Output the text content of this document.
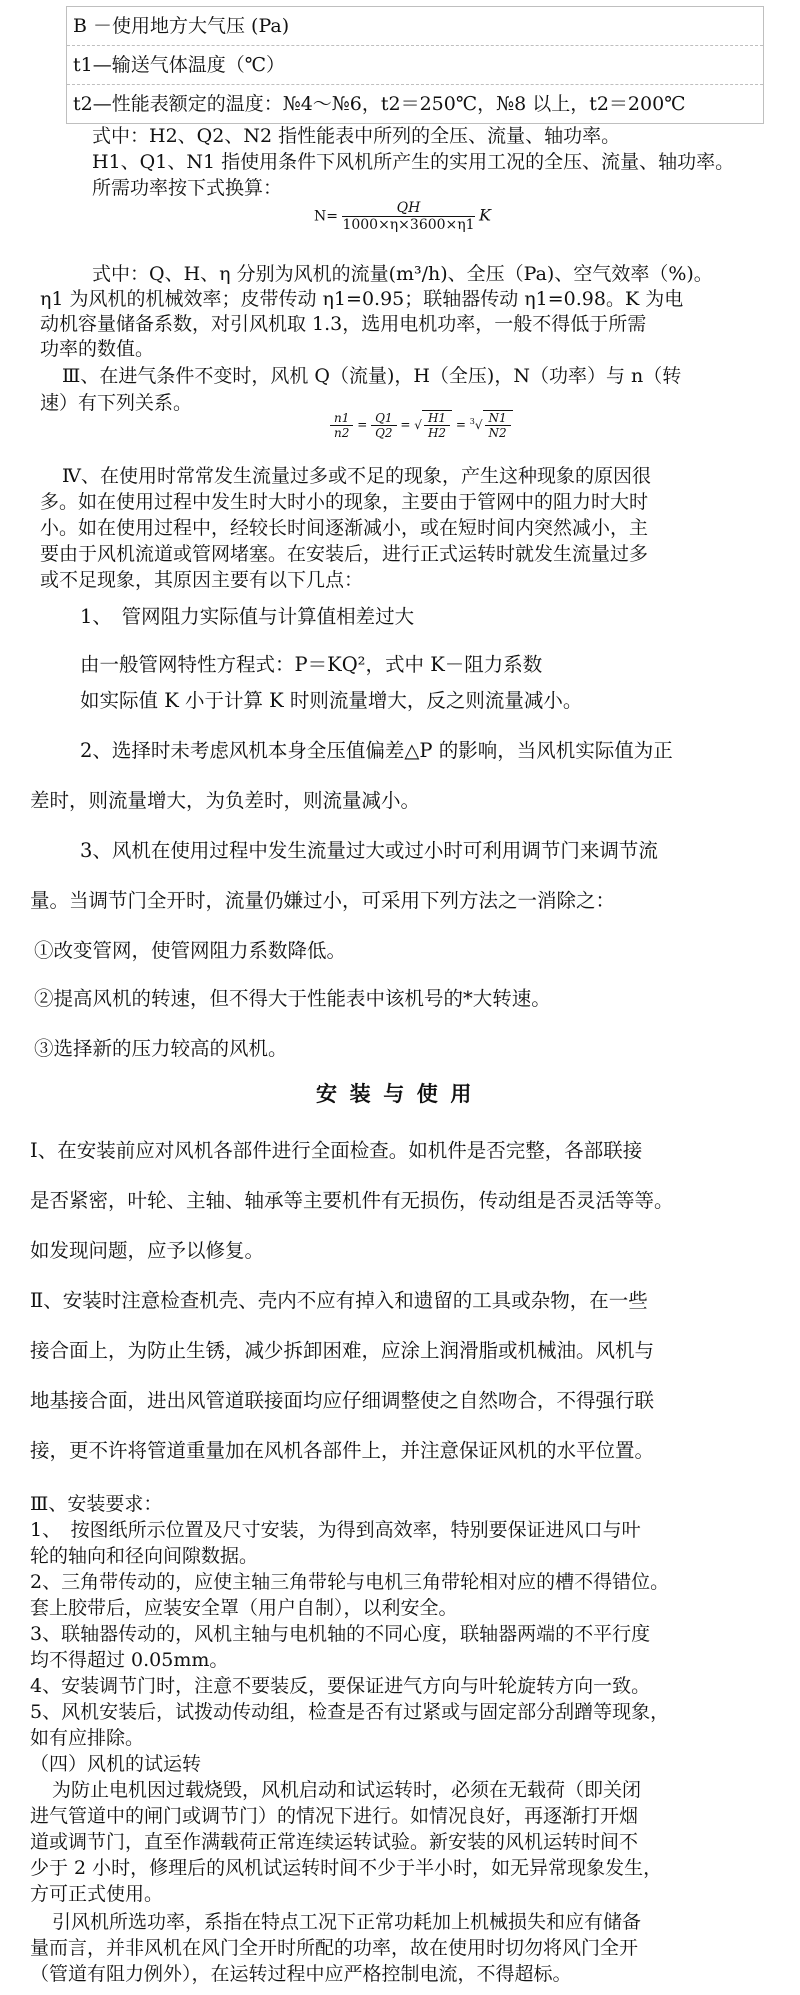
B －使用地方大气压 (Pa)
t1—输送气体温度（℃）
t2—性能表额定的温度：№4～№6，t2＝250℃，№8 以上，t2＝200℃
式中：H2、Q2、N2 指性能表中所列的全压、流量、轴功率。
H1、Q1、N1 指使用条件下风机所产生的实用工况的全压、流量、轴功率。
所需功率按下式换算：
$N= \frac{QH}{1000\times\eta\times 3600\times\eta 1}$ K
式中：Q、H、η 分别为风机的流量(m³/h)、全压（Pa)、空气效率（%)。
η1 为风机的机械效率；皮带传动 η1=0.95；联轴器传动 η1=0.98。K 为电
动机容量储备系数，对引风机取 1.3，选用电机功率，一般不得低于所需
功率的数值。
Ⅲ、在进气条件不变时，风机 Q（流量)，H（全压)，N（功率）与 n（转
速）有下列关系。
$\frac{n1}{n2} = \frac{Q1}{Q2}$ = √ $\frac{H1}{H2} = ^3√ \frac{N1}{N2}$
Ⅳ、在使用时常常发生流量过多或不足的现象，产生这种现象的原因很
多。如在使用过程中发生时大时小的现象，主要由于管网中的阻力时大时
小。如在使用过程中，经较长时间逐渐减小，或在短时间内突然减小，主
要由于风机流道或管网堵塞。在安装后，进行正式运转时就发生流量过多
或不足现象，其原因主要有以下几点：
1、　管网阻力实际值与计算值相差过大
由一般管网特性方程式：P＝KQ²，式中 K－阻力系数
如实际值 K 小于计算 K 时则流量增大，反之则流量减小。
2、选择时未考虑风机本身全压值偏差△P 的影响，当风机实际值为正
差时，则流量增大，为负差时，则流量减小。
3、风机在使用过程中发生流量过大或过小时可利用调节门来调节流
量。当调节门全开时，流量仍嫌过小，可采用下列方法之一消除之：
①改变管网，使管网阻力系数降低。
②提高风机的转速，但不得大于性能表中该机号的*大转速。
③选择新的压力较高的风机。
安装与使用
Ⅰ、在安装前应对风机各部件进行全面检查。如机件是否完整，各部联接
是否紧密，叶轮、主轴、轴承等主要机件有无损伤，传动组是否灵活等等。
如发现问题，应予以修复。
Ⅱ、安装时注意检查机壳、壳内不应有掉入和遗留的工具或杂物，在一些
接合面上，为防止生锈，减少拆卸困难，应涂上润滑脂或机械油。风机与
地基接合面，进出风管道联接面均应仔细调整使之自然吻合，不得强行联
接，更不许将管道重量加在风机各部件上，并注意保证风机的水平位置。
Ⅲ、安装要求：
1、　按图纸所示位置及尺寸安装，为得到高效率，特别要保证进风口与叶
轮的轴向和径向间隙数据。
2、三角带传动的，应使主轴三角带轮与电机三角带轮相对应的槽不得错位。
套上胶带后，应装安全罩（用户自制），以利安全。
3、联轴器传动的，风机主轴与电机轴的不同心度，联轴器两端的不平行度
均不得超过 0.05mm。
4、安装调节门时，注意不要装反，要保证进气方向与叶轮旋转方向一致。
5、风机安装后，试拨动传动组，检查是否有过紧或与固定部分刮蹭等现象，
如有应排除。
（四）风机的试运转
为防止电机因过载烧毁，风机启动和试运转时，必须在无载荷（即关闭
进气管道中的闸门或调节门）的情况下进行。如情况良好，再逐渐打开烟
道或调节门，直至作满载荷正常连续运转试验。新安装的风机运转时间不
少于 2 小时，修理后的风机试运转时间不少于半小时，如无异常现象发生，
方可正式使用。
引风机所选功率，系指在特点工况下正常功耗加上机械损失和应有储备
量而言，并非风机在风门全开时所配的功率，故在使用时切勿将风门全开
（管道有阻力例外），在运转过程中应严格控制电流，不得超标。
